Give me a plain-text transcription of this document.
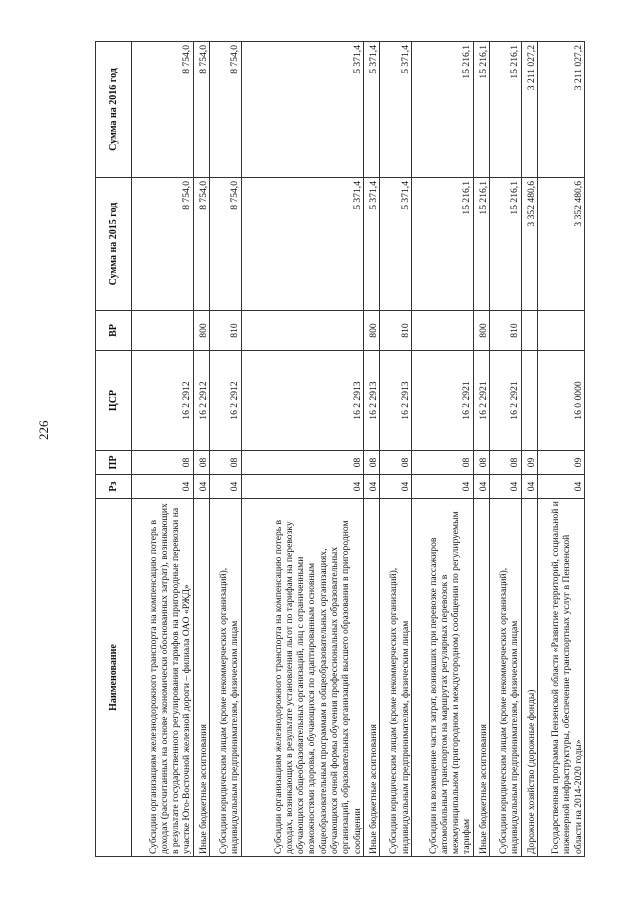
226
Наименование	Рз	ПР	ЦСР	ВР	Сумма на 2015 год	Сумма на 2016 год
Субсидии организациям железнодорожного транспорта на компенсацию потерь в доходах (рассчитанных на основе экономически обоснованных затрат), возникающих в результате государственного регулирования тарифов на пригородные перевозки на участке Юго-Восточной железной дороги – филиала ОАО «РЖД»	04	08	16 2 2912		8 754,0	8 754,0
Иные бюджетные ассигнования	04	08	16 2 2912	800	8 754,0	8 754,0
Субсидии юридическим лицам (кроме некоммерческих организаций), индивидуальным предпринимателям, физическим лицам	04	08	16 2 2912	810	8 754,0	8 754,0
Субсидии организациям железнодорожного транспорта на компенсацию потерь в доходах, возникающих в результате установления льгот по тарифам на перевозку обучающихся общеобразовательных организаций, лиц с ограниченными возможностями здоровья, обучающихся по адаптированным основным общеобразовательным программам в общеобразовательных организациях, обучающихся очной формы обучения профессиональных образовательных организаций, образовательных организаций высшего образования в пригородном сообщении	04	08	16 2 2913		5 371,4	5 371,4
Иные бюджетные ассигнования	04	08	16 2 2913	800	5 371,4	5 371,4
Субсидии юридическим лицам (кроме некоммерческих организаций), индивидуальным предпринимателям, физическим лицам	04	08	16 2 2913	810	5 371,4	5 371,4
Субсидии на возмещение части затрат, возникших при перевозке пассажиров автомобильным транспортом на маршрутах регулярных перевозок в межмуниципальном (пригородном и междугородном) сообщении по регулируемым тарифам	04	08	16 2 2921		15 216,1	15 216,1
Иные бюджетные ассигнования	04	08	16 2 2921	800	15 216,1	15 216,1
Субсидии юридическим лицам (кроме некоммерческих организаций), индивидуальным предпринимателям, физическим лицам	04	08	16 2 2921	810	15 216,1	15 216,1
Дорожное хозяйство (дорожные фонды)	04	09			3 352 480,6	3 211 027,2
Государственная программа Пензенской области «Развитие территорий, социальной и инженерной инфраструктуры, обеспечение транспортных услуг в Пензенской области на 2014-2020 годы»	04	09	16 0 0000		3 352 480,6	3 211 027,2
